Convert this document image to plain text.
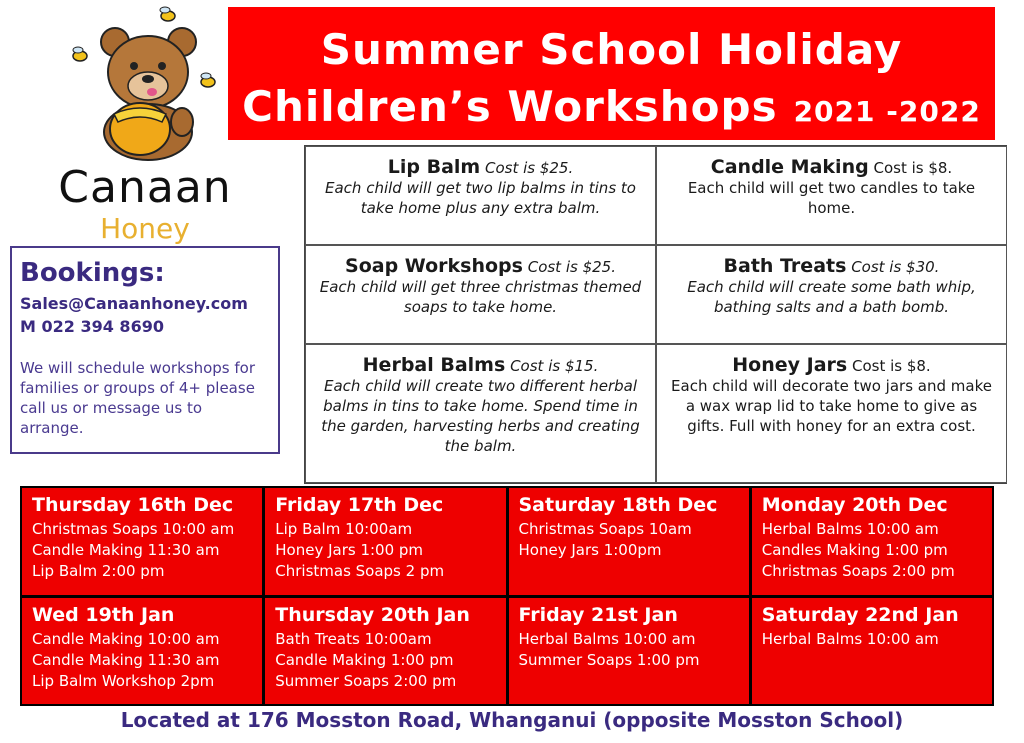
Canaan
Honey
Summer School Holiday
Children’s Workshops 2021 -2022
Bookings:
Sales@Canaanhoney.com
M 022 394 8690
We will schedule workshops for families or groups of 4+ please call us or message us to arrange.
Lip Balm Cost is $25.
Each child will get two lip balms in tins to take home plus any extra balm.
Candle Making Cost is $8.
Each child will get two candles to take home.
Soap Workshops Cost is $25.
Each child will get three christmas themed soaps to take home.
Bath Treats Cost is $30.
Each child will create some bath whip, bathing salts and a bath bomb.
Herbal Balms Cost is $15.
Each child will create two different herbal balms in tins to take home. Spend time in the garden, harvesting herbs and creating the balm.
Honey Jars Cost is $8.
Each child will decorate two jars and make a wax wrap lid to take home to give as gifts. Full with honey for an extra cost.
Thursday 16th Dec
Christmas Soaps 10:00 am
Candle Making 11:30 am
Lip Balm 2:00 pm
Friday 17th Dec
Lip Balm 10:00am
Honey Jars 1:00 pm
Christmas Soaps 2 pm
Saturday 18th Dec
Christmas Soaps 10am
Honey Jars 1:00pm
Monday 20th Dec
Herbal Balms 10:00 am
Candles Making 1:00 pm
Christmas Soaps 2:00 pm
Wed 19th Jan
Candle Making 10:00 am
Candle Making 11:30 am
Lip Balm Workshop 2pm
Thursday 20th Jan
Bath Treats 10:00am
Candle Making 1:00 pm
Summer Soaps 2:00 pm
Friday 21st Jan
Herbal Balms 10:00 am
Summer Soaps 1:00 pm
Saturday 22nd Jan
Herbal Balms 10:00 am
Located at 176 Mosston Road, Whanganui (opposite Mosston School)
